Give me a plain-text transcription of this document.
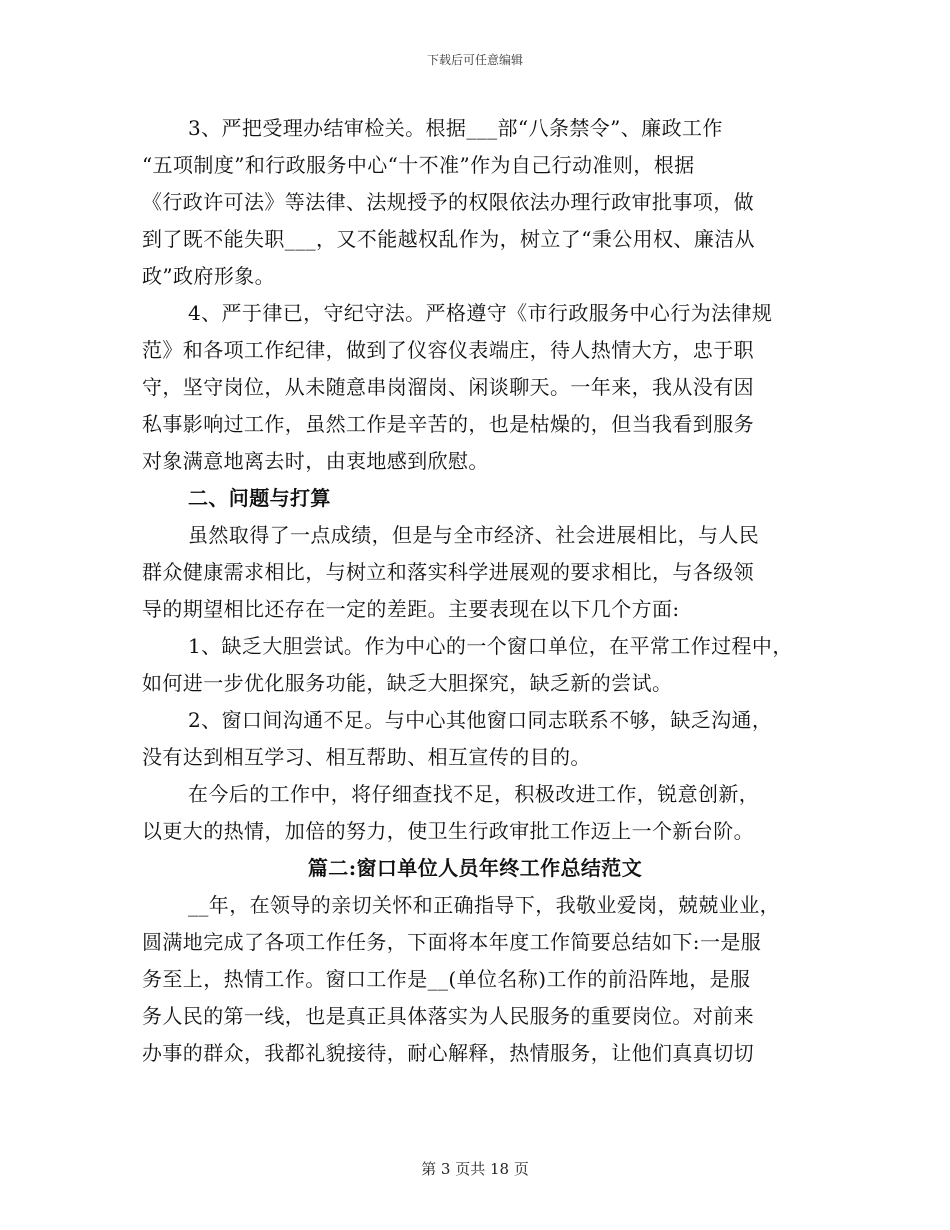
下载后可任意编辑
3、严把受理办结审检关。根据___部“八条禁令”、廉政工作
“五项制度”和行政服务中心“十不准”作为自己行动准则，根据
《行政许可法》等法律、法规授予的权限依法办理行政审批事项，做
到了既不能失职___，又不能越权乱作为，树立了“秉公用权、廉洁从
政”政府形象。
4、严于律已，守纪守法。严格遵守《市行政服务中心行为法律规
范》和各项工作纪律，做到了仪容仪表端庄，待人热情大方，忠于职
守，坚守岗位，从未随意串岗溜岗、闲谈聊天。一年来，我从没有因
私事影响过工作，虽然工作是辛苦的，也是枯燥的，但当我看到服务
对象满意地离去时，由衷地感到欣慰。
二、问题与打算
虽然取得了一点成绩，但是与全市经济、社会进展相比，与人民
群众健康需求相比，与树立和落实科学进展观的要求相比，与各级领
导的期望相比还存在一定的差距。主要表现在以下几个方面:
1、缺乏大胆尝试。作为中心的一个窗口单位，在平常工作过程中，
如何进一步优化服务功能，缺乏大胆探究，缺乏新的尝试。
2、窗口间沟通不足。与中心其他窗口同志联系不够，缺乏沟通，
没有达到相互学习、相互帮助、相互宣传的目的。
在今后的工作中，将仔细查找不足，积极改进工作，锐意创新，
以更大的热情，加倍的努力，使卫生行政审批工作迈上一个新台阶。
篇二:窗口单位人员年终工作总结范文
__年，在领导的亲切关怀和正确指导下，我敬业爱岗，兢兢业业，
圆满地完成了各项工作任务，下面将本年度工作简要总结如下:一是服
务至上，热情工作。窗口工作是__(单位名称)工作的前沿阵地，是服
务人民的第一线，也是真正具体落实为人民服务的重要岗位。对前来
办事的群众，我都礼貌接待，耐心解释，热情服务，让他们真真切切
第 3 页共 18 页
